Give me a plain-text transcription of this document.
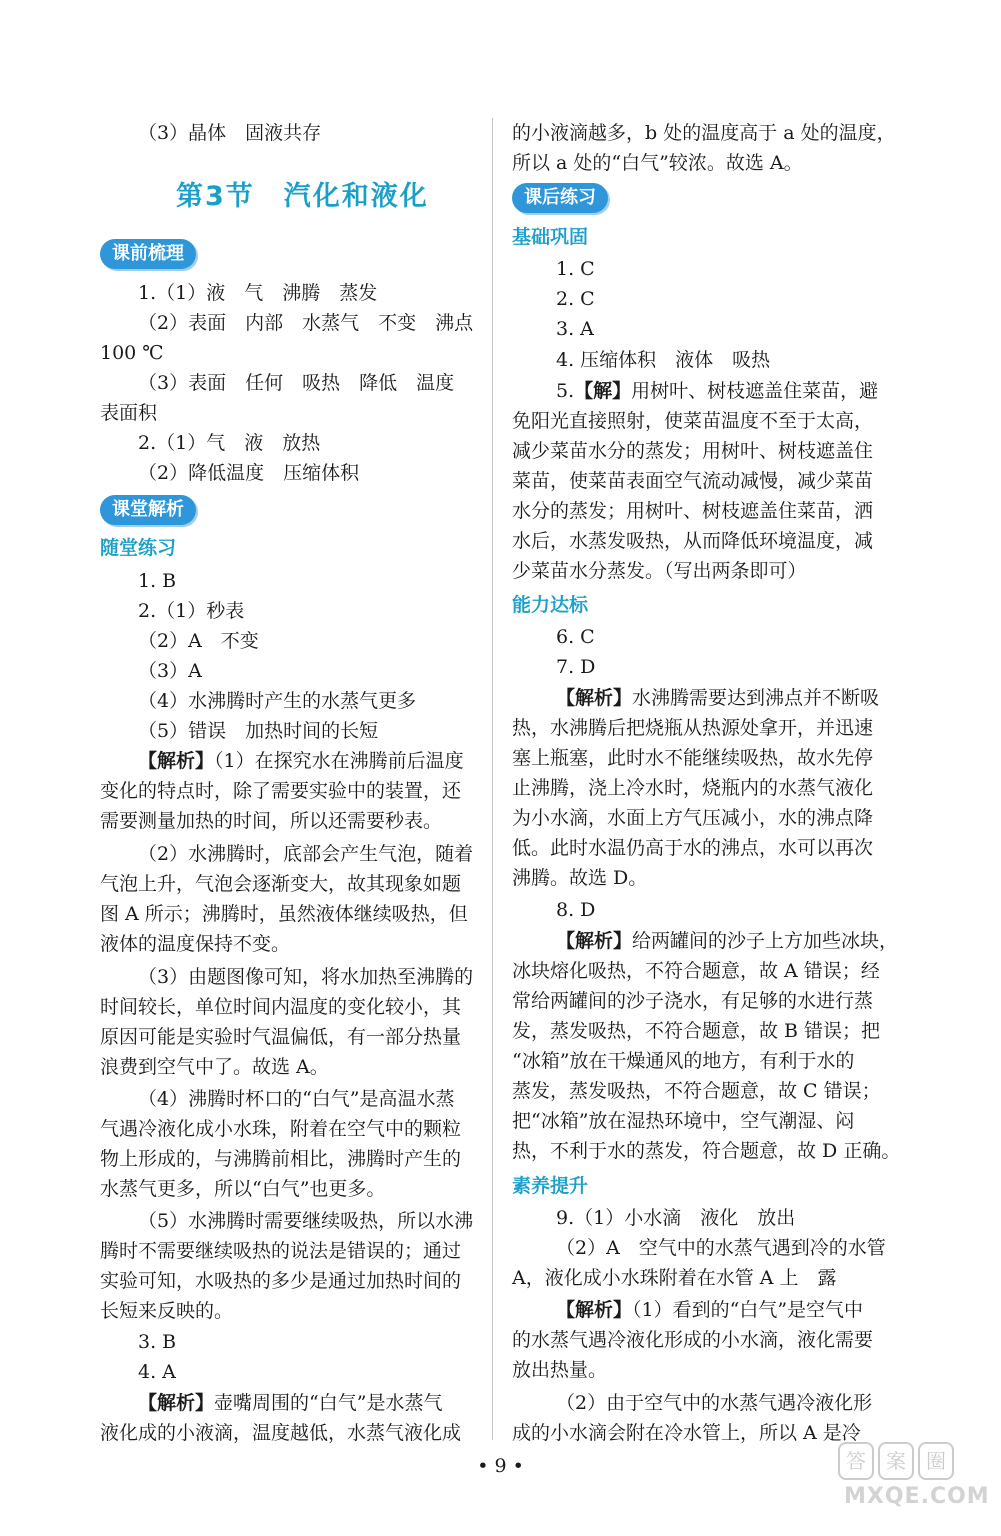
（3）晶体　固液共存
第3节　汽化和液化
课前梳理
1.（1）液　气　沸腾　蒸发
（2）表面　内部　水蒸气　不变　沸点
100 ℃
（3）表面　任何　吸热　降低　温度
表面积
2.（1）气　液　放热
（2）降低温度　压缩体积
课堂解析
随堂练习
1. B
2.（1）秒表
（2）A　不变
（3）A
（4）水沸腾时产生的水蒸气更多
（5）错误　加热时间的长短
【解析】（1）在探究水在沸腾前后温度
变化的特点时，除了需要实验中的装置，还
需要测量加热的时间，所以还需要秒表。
（2）水沸腾时，底部会产生气泡，随着
气泡上升，气泡会逐渐变大，故其现象如题
图 A 所示；沸腾时，虽然液体继续吸热，但
液体的温度保持不变。
（3）由题图像可知，将水加热至沸腾的
时间较长，单位时间内温度的变化较小，其
原因可能是实验时气温偏低，有一部分热量
浪费到空气中了。故选 A。
（4）沸腾时杯口的“白气”是高温水蒸
气遇冷液化成小水珠，附着在空气中的颗粒
物上形成的，与沸腾前相比，沸腾时产生的
水蒸气更多，所以“白气”也更多。
（5）水沸腾时需要继续吸热，所以水沸
腾时不需要继续吸热的说法是错误的；通过
实验可知，水吸热的多少是通过加热时间的
长短来反映的。
3. B
4. A
【解析】壶嘴周围的“白气”是水蒸气
液化成的小液滴，温度越低，水蒸气液化成
的小液滴越多，b 处的温度高于 a 处的温度，
所以 a 处的“白气”较浓。故选 A。
课后练习
基础巩固
1. C
2. C
3. A
4. 压缩体积　液体　吸热
5.【解】用树叶、树枝遮盖住菜苗，避
免阳光直接照射，使菜苗温度不至于太高，
减少菜苗水分的蒸发；用树叶、树枝遮盖住
菜苗，使菜苗表面空气流动减慢，减少菜苗
水分的蒸发；用树叶、树枝遮盖住菜苗，洒
水后，水蒸发吸热，从而降低环境温度，减
少菜苗水分蒸发。（写出两条即可）
能力达标
6. C
7. D
【解析】水沸腾需要达到沸点并不断吸
热，水沸腾后把烧瓶从热源处拿开，并迅速
塞上瓶塞，此时水不能继续吸热，故水先停
止沸腾，浇上冷水时，烧瓶内的水蒸气液化
为小水滴，水面上方气压减小，水的沸点降
低。此时水温仍高于水的沸点，水可以再次
沸腾。故选 D。
8. D
【解析】给两罐间的沙子上方加些冰块，
冰块熔化吸热，不符合题意，故 A 错误；经
常给两罐间的沙子浇水，有足够的水进行蒸
发，蒸发吸热，不符合题意，故 B 错误；把
“冰箱”放在干燥通风的地方，有利于水的
蒸发，蒸发吸热，不符合题意，故 C 错误；
把“冰箱”放在湿热环境中，空气潮湿、闷
热，不利于水的蒸发，符合题意，故 D 正确。
素养提升
9.（1）小水滴　液化　放出
（2）A　空气中的水蒸气遇到冷的水管
A，液化成小水珠附着在水管 A 上　露
【解析】（1）看到的“白气”是空气中
的水蒸气遇冷液化形成的小水滴，液化需要
放出热量。
（2）由于空气中的水蒸气遇冷液化形
成的小水滴会附在冷水管上，所以 A 是冷
• 9 •	答	案	圈
MXQE.COM
